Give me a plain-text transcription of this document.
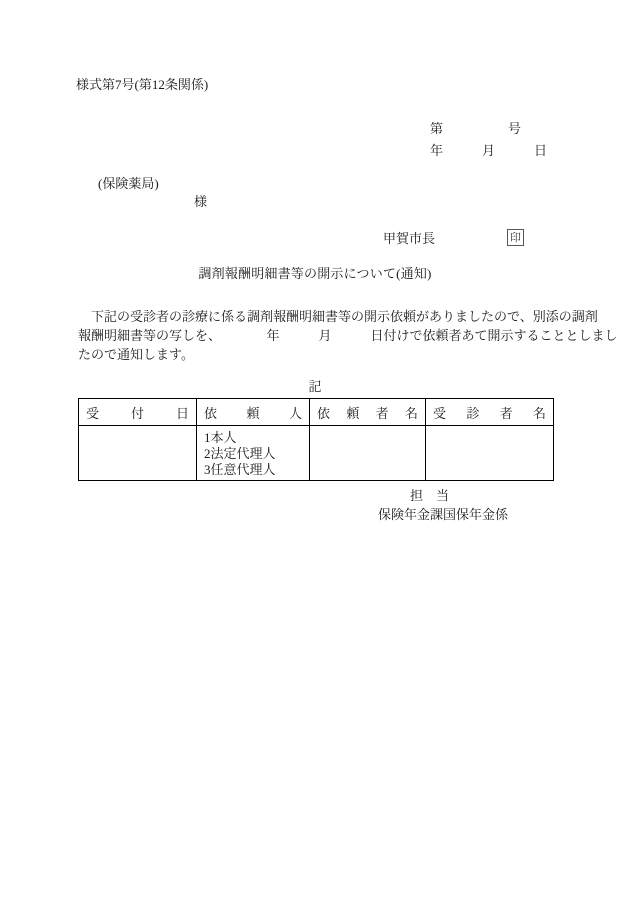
様式第7号(第12条関係)
第　　　　　号
年　　　月　　　日
(保険薬局)
様
甲賀市長	印
調剤報酬明細書等の開示について(通知)
　下記の受診者の診療に係る調剤報酬明細書等の開示依頼がありましたので、別添の調剤
報酬明細書等の写しを、　　　　年　　　月　　　日付けで依頼者あて開示することとしまし
たので通知します。
記
受 付 日	依 頼 人	依 頼 者 名	受 診 者 名

	1本人
2法定代理人
3任意代理人		

担　当
保険年金課国保年金係
